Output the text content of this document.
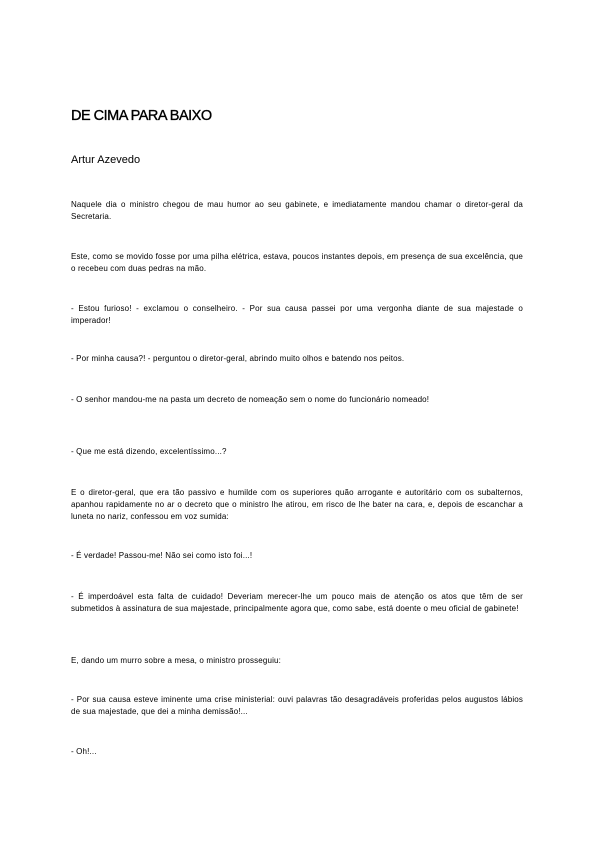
DE CIMA PARA BAIXO

Artur Azevedo

Naquele dia o ministro chegou de mau humor ao seu gabinete, e imediatamente mandou chamar o diretor-geral da Secretaria.

Este, como se movido fosse por uma pilha elétrica, estava, poucos instantes depois, em presença de sua excelência, que o recebeu com duas pedras na mão.

- Estou furioso! - exclamou o conselheiro. - Por sua causa passei por uma vergonha diante de sua majestade o imperador!

- Por minha causa?! - perguntou o diretor-geral, abrindo muito olhos e batendo nos peitos.

- O senhor mandou-me na pasta um decreto de nomeação sem o nome do funcionário nomeado!

- Que me está dizendo, excelentíssimo...?

E o diretor-geral, que era tão passivo e humilde com os superiores quão arrogante e autoritário com os subalternos, apanhou rapidamente no ar o decreto que o ministro lhe atirou, em risco de lhe bater na cara, e, depois de escanchar a luneta no nariz, confessou em voz sumida:

- É verdade! Passou-me! Não sei como isto foi...!

- É imperdoável esta falta de cuidado! Deveriam merecer-lhe um pouco mais de atenção os atos que têm de ser submetidos à assinatura de sua majestade, principalmente agora que, como sabe, está doente o meu oficial de gabinete!

E, dando um murro sobre a mesa, o ministro prosseguiu:

- Por sua causa esteve iminente uma crise ministerial: ouvi palavras tão desagradáveis proferidas pelos augustos lábios de sua majestade, que dei a minha demissão!...

- Oh!...
